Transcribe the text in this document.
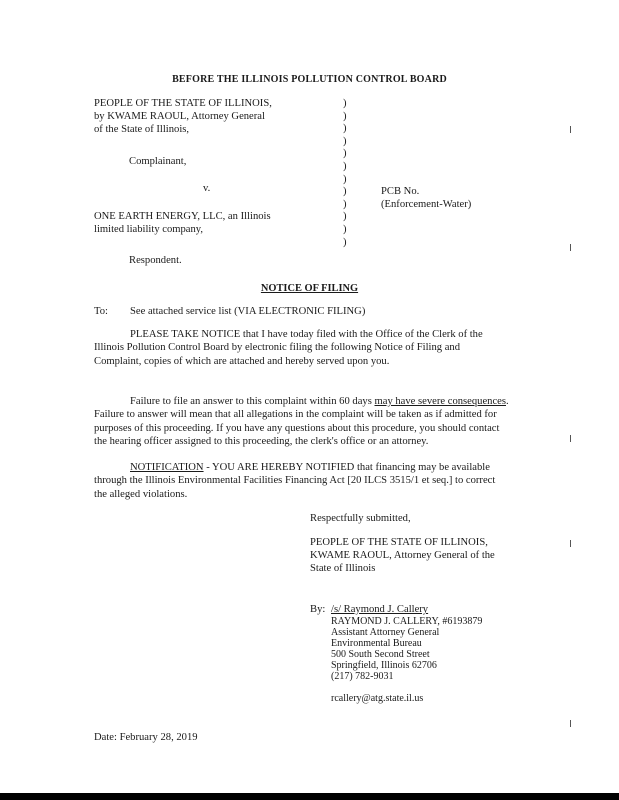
BEFORE THE ILLINOIS POLLUTION CONTROL BOARD
PEOPLE OF THE STATE OF ILLINOIS,
by KWAME RAOUL, Attorney General
of the State of Illinois,
Complainant,
v.
ONE EARTH ENERGY, LLC, an Illinois
limited liability company,
Respondent.
)
)
)
)
)
)
)
)
)
)
)
)
PCB No.
(Enforcement-Water)
NOTICE OF FILING
To: See attached service list (VIA ELECTRONIC FILING)
PLEASE TAKE NOTICE that I have today filed with the Office of the Clerk of the
Illinois Pollution Control Board by electronic filing the following Notice of Filing and
Complaint, copies of which are attached and hereby served upon you.
Failure to file an answer to this complaint within 60 days may have severe consequences.
Failure to answer will mean that all allegations in the complaint will be taken as if admitted for
purposes of this proceeding. If you have any questions about this procedure, you should contact
the hearing officer assigned to this proceeding, the clerk's office or an attorney.
NOTIFICATION - YOU ARE HEREBY NOTIFIED that financing may be available
through the Illinois Environmental Facilities Financing Act [20 ILCS 3515/1 et seq.] to correct
the alleged violations.
Respectfully submitted,
PEOPLE OF THE STATE OF ILLINOIS,
KWAME RAOUL, Attorney General of the
State of Illinois
By: /s/ Raymond J. Callery
RAYMOND J. CALLERY, #6193879
Assistant Attorney General
Environmental Bureau
500 South Second Street
Springfield, Illinois 62706
(217) 782-9031
rcallery@atg.state.il.us
Date: February 28, 2019
